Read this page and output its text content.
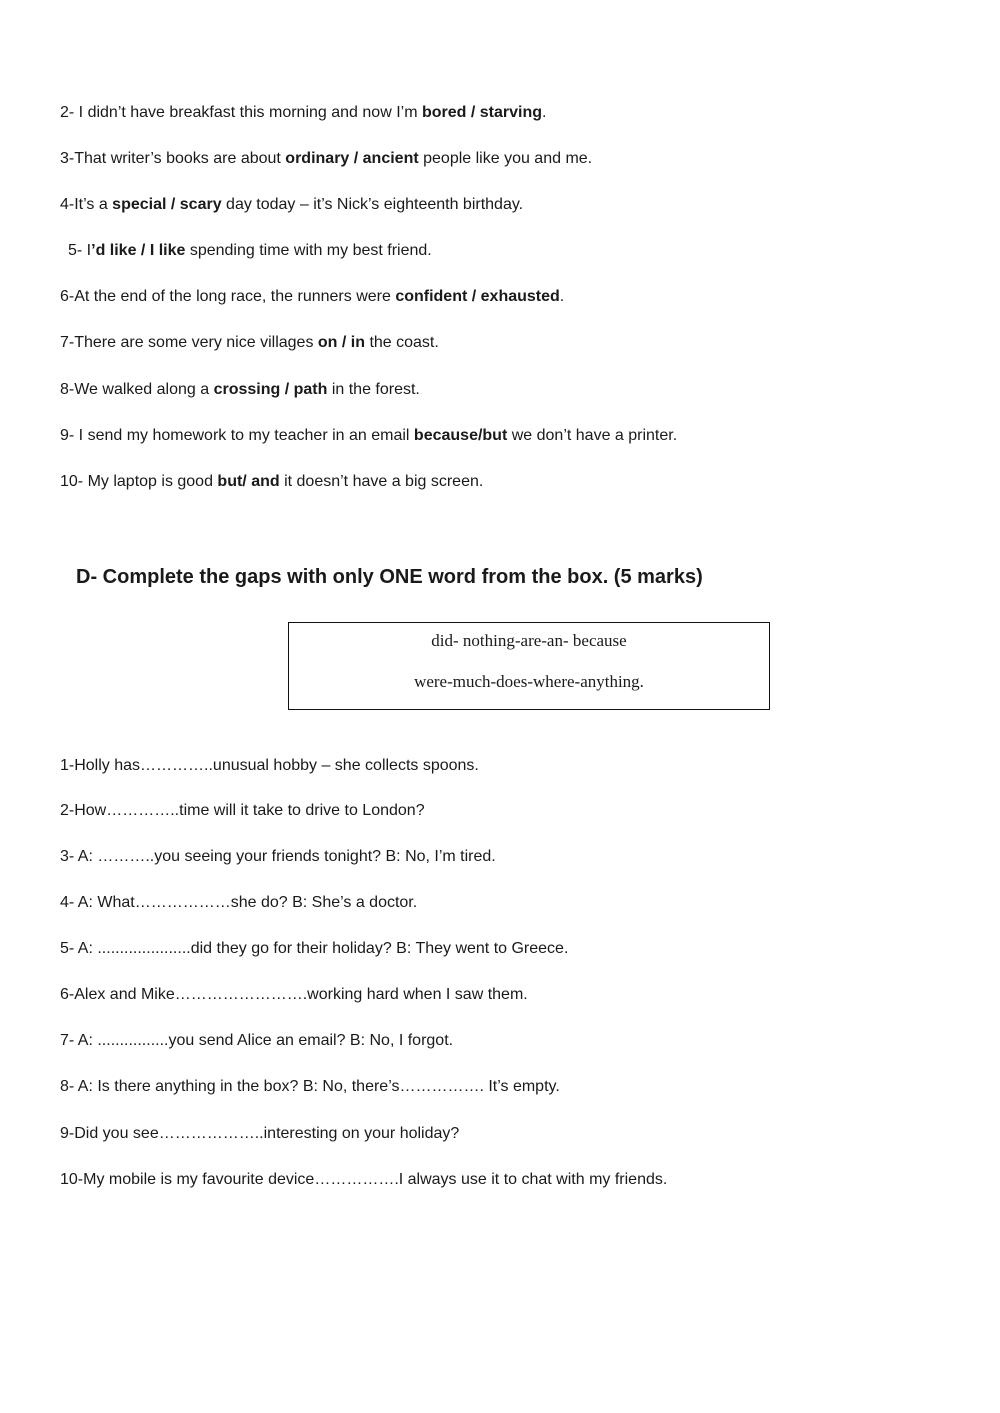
2- I didn’t have breakfast this morning and now I’m bored / starving.
3-That writer’s books are about ordinary / ancient people like you and me.
4-It’s a special / scary day today – it’s Nick’s eighteenth birthday.
5- I’d like / I like spending time with my best friend.
6-At the end of the long race, the runners were confident / exhausted.
7-There are some very nice villages on / in the coast.
8-We walked along a crossing / path in the forest.
9- I send my homework to my teacher in an email because/but we don’t have a printer.
10- My laptop is good but/ and it doesn’t have a big screen.
D- Complete the gaps with only ONE word from the box. (5 marks)
did- nothing-are-an- because
were-much-does-where-anything.
1-Holly has…………..unusual hobby – she collects spoons.
2-How…………..time will it take to drive to London?
3- A: ………..you seeing your friends tonight? B: No, I’m tired.
4- A: What………………she do? B: She’s a doctor.
5- A: .....................did they go for their holiday? B: They went to Greece.
6-Alex and Mike…………………….working hard when I saw them.
7- A: ................you send Alice an email? B: No, I forgot.
8- A: Is there anything in the box? B: No, there’s……………. It’s empty.
9-Did you see………………..interesting on your holiday?
10-My mobile is my favourite device…………….I always use it to chat with my friends.
